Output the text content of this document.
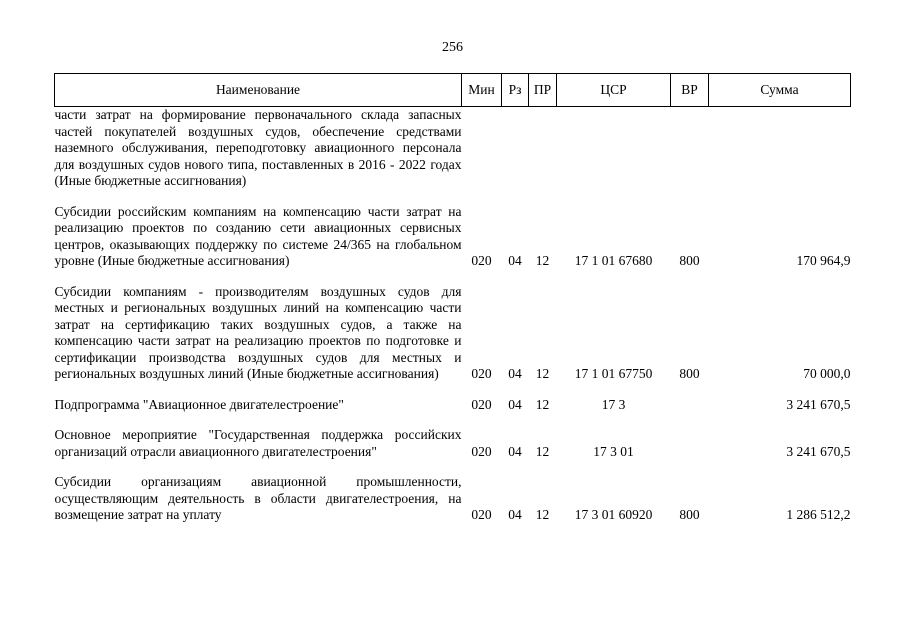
256
Наименование	Мин	Рз	ПР	ЦСР	ВР	Сумма
части затрат на формирование первоначального склада запасных частей покупателей воздушных судов, обеспечение средствами наземного обслуживания, переподготовку авиационного персонала для воздушных судов нового типа, поставленных в 2016 - 2022 годах (Иные бюджетные ассигнования)						

Субсидии российским компаниям на компенсацию части затрат на реализацию проектов по созданию сети авиационных сервисных центров, оказывающих поддержку по системе 24/365 на глобальном уровне (Иные бюджетные ассигнования)	020	04	12	17 1 01 67680	800	170 964,9

Субсидии компаниям - производителям воздушных судов для местных и региональных воздушных линий на компенсацию части затрат на сертификацию таких воздушных судов, а также на компенсацию части затрат на реализацию проектов по подготовке и сертификации производства воздушных судов для местных и региональных воздушных линий (Иные бюджетные ассигнования)	020	04	12	17 1 01 67750	800	70 000,0

Подпрограмма "Авиационное двигателестроение"	020	04	12	17 3		3 241 670,5

Основное мероприятие "Государственная поддержка российских организаций отрасли авиационного двигателестроения"	020	04	12	17 3 01		3 241 670,5

Субсидии организациям авиационной промышленности, осуществляющим деятельность в области двигателестроения, на возмещение затрат на уплату	020	04	12	17 3 01 60920	800	1 286 512,2
